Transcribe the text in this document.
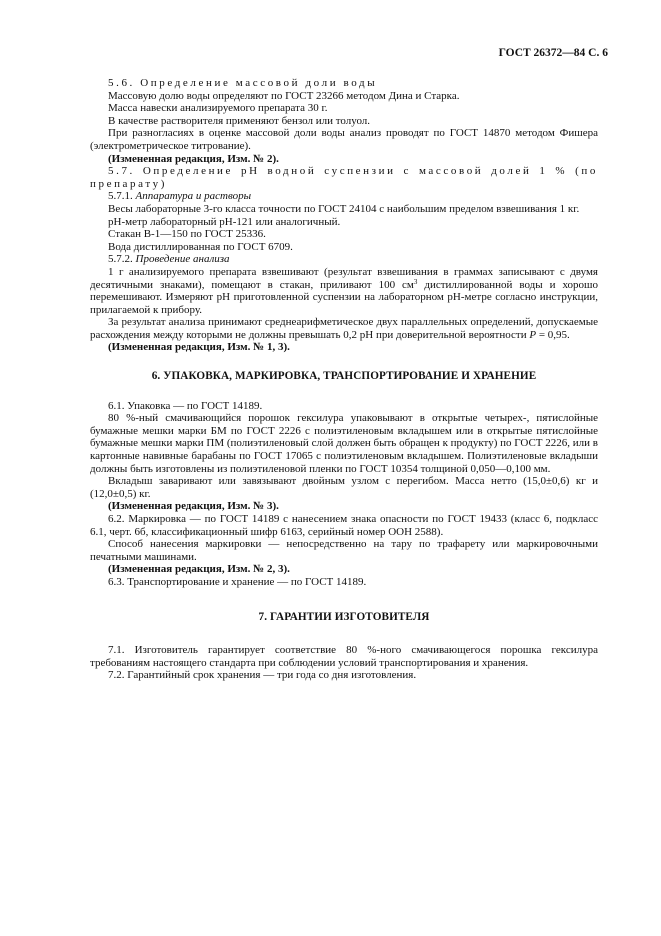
ГОСТ 26372—84 С. 6

5.6. Определение массовой доли воды

Массовую долю воды определяют по ГОСТ 23266 методом Дина и Старка.

Масса навески анализируемого препарата 30 г.

В качестве растворителя применяют бензол или толуол.

При разногласиях в оценке массовой доли воды анализ проводят по ГОСТ 14870 методом Фишера (электрометрическое титрование).

(Измененная редакция, Изм. № 2).

5.7. Определение рН водной суспензии с массовой долей 1 % (по препарату)

5.7.1. Аппаратура и растворы

Весы лабораторные 3-го класса точности по ГОСТ 24104 с наибольшим пределом взвешивания 1 кг.

рН-метр лабораторный рН-121 или аналогичный.

Стакан В-1—150 по ГОСТ 25336.

Вода дистиллированная по ГОСТ 6709.

5.7.2. Проведение анализа

1 г анализируемого препарата взвешивают (результат взвешивания в граммах записывают с двумя десятичными знаками), помещают в стакан, приливают 100 $см^3$ дистиллированной воды и хорошо перемешивают. Измеряют рН приготовленной суспензии на лабораторном рН-метре согласно инструкции, прилагаемой к прибору.

За результат анализа принимают среднеарифметическое двух параллельных определений, допускаемые расхождения между которыми не должны превышать 0,2 рН при доверительной вероятности P = 0,95.

(Измененная редакция, Изм. № 1, 3).

6. УПАКОВКА, МАРКИРОВКА, ТРАНСПОРТИРОВАНИЕ И ХРАНЕНИЕ

6.1. Упаковка — по ГОСТ 14189.

80 %-ный смачивающийся порошок гексилура упаковывают в открытые четырех-, пятислойные бумажные мешки марки БМ по ГОСТ 2226 с полиэтиленовым вкладышем или в открытые пятислойные бумажные мешки марки ПМ (полиэтиленовый слой должен быть обращен к продукту) по ГОСТ 2226, или в картонные навивные барабаны по ГОСТ 17065 с полиэтиленовым вкладышем. Полиэтиленовые вкладыши должны быть изготовлены из полиэтиленовой пленки по ГОСТ 10354 толщиной 0,050—0,100 мм.

Вкладыш заваривают или завязывают двойным узлом с перегибом. Масса нетто (15,0±0,6) кг и (12,0±0,5) кг.

(Измененная редакция, Изм. № 3).

6.2. Маркировка — по ГОСТ 14189 с нанесением знака опасности по ГОСТ 19433 (класс 6, подкласс 6.1, черт. 6б, классификационный шифр 6163, серийный номер ООН 2588).

Способ нанесения маркировки — непосредственно на тару по трафарету или маркировочными печатными машинами.

(Измененная редакция, Изм. № 2, 3).

6.3. Транспортирование и хранение — по ГОСТ 14189.

7. ГАРАНТИИ ИЗГОТОВИТЕЛЯ

7.1. Изготовитель гарантирует соответствие 80 %-ного смачивающегося порошка гексилура требованиям настоящего стандарта при соблюдении условий транспортирования и хранения.

7.2. Гарантийный срок хранения — три года со дня изготовления.
